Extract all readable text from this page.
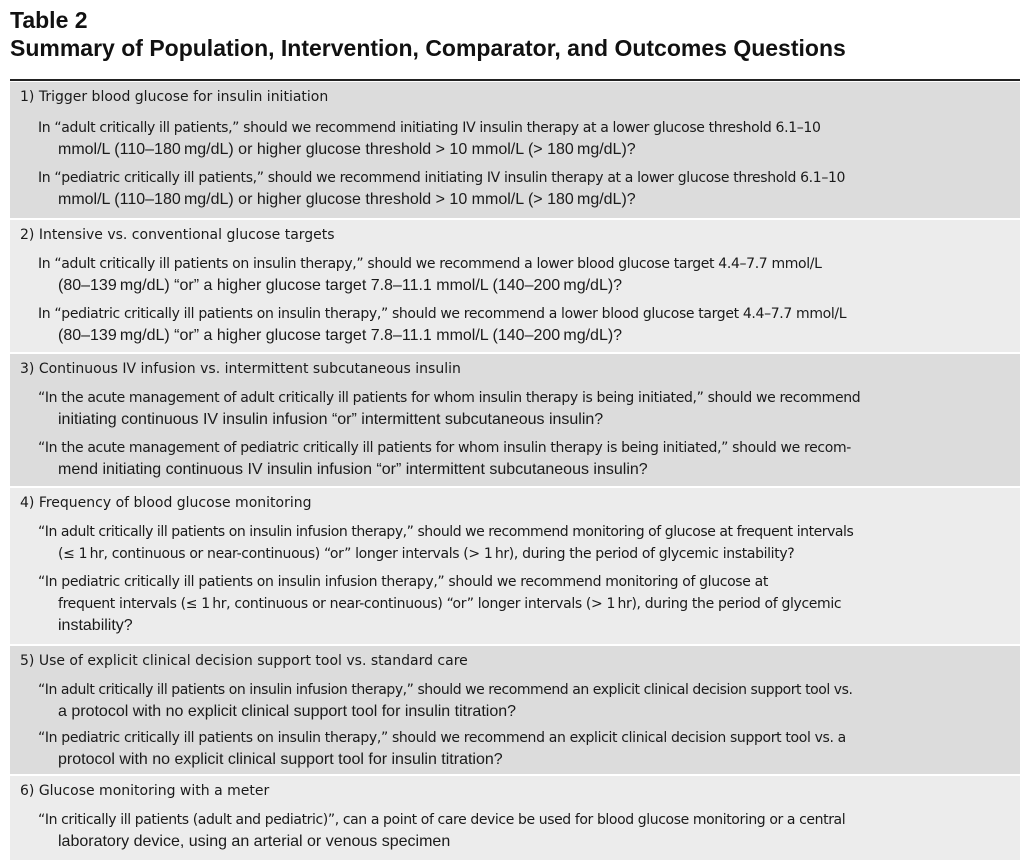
Table 2
Summary of Population, Intervention, Comparator, and Outcomes Questions
1) Trigger blood glucose for insulin initiation
In “adult critically ill patients,” should we recommend initiating IV insulin therapy at a lower glucose threshold 6.1–10
mmol/L (110–180 mg/dL) or higher glucose threshold > 10 mmol/L (> 180 mg/dL)?
In “pediatric critically ill patients,” should we recommend initiating IV insulin therapy at a lower glucose threshold 6.1–10
mmol/L (110–180 mg/dL) or higher glucose threshold > 10 mmol/L (> 180 mg/dL)?
2) Intensive vs. conventional glucose targets
In “adult critically ill patients on insulin therapy,” should we recommend a lower blood glucose target 4.4–7.7 mmol/L
(80–139 mg/dL) “or” a higher glucose target 7.8–11.1 mmol/L (140–200 mg/dL)?
In “pediatric critically ill patients on insulin therapy,” should we recommend a lower blood glucose target 4.4–7.7 mmol/L
(80–139 mg/dL) “or” a higher glucose target 7.8–11.1 mmol/L (140–200 mg/dL)?
3) Continuous IV infusion vs. intermittent subcutaneous insulin
“In the acute management of adult critically ill patients for whom insulin therapy is being initiated,” should we recommend
initiating continuous IV insulin infusion “or” intermittent subcutaneous insulin?
“In the acute management of pediatric critically ill patients for whom insulin therapy is being initiated,” should we recom-
mend initiating continuous IV insulin infusion “or” intermittent subcutaneous insulin?
4) Frequency of blood glucose monitoring
“In adult critically ill patients on insulin infusion therapy,” should we recommend monitoring of glucose at frequent intervals
(≤ 1 hr, continuous or near-continuous) “or” longer intervals (> 1 hr), during the period of glycemic instability?
“In pediatric critically ill patients on insulin infusion therapy,” should we recommend monitoring of glucose at
frequent intervals (≤ 1 hr, continuous or near-continuous) “or” longer intervals (> 1 hr), during the period of glycemic
instability?
5) Use of explicit clinical decision support tool vs. standard care
“In adult critically ill patients on insulin infusion therapy,” should we recommend an explicit clinical decision support tool vs.
a protocol with no explicit clinical support tool for insulin titration?
“In pediatric critically ill patients on insulin therapy,” should we recommend an explicit clinical decision support tool vs. a
protocol with no explicit clinical support tool for insulin titration?
6) Glucose monitoring with a meter
“In critically ill patients (adult and pediatric)”, can a point of care device be used for blood glucose monitoring or a central
laboratory device, using an arterial or venous specimen
